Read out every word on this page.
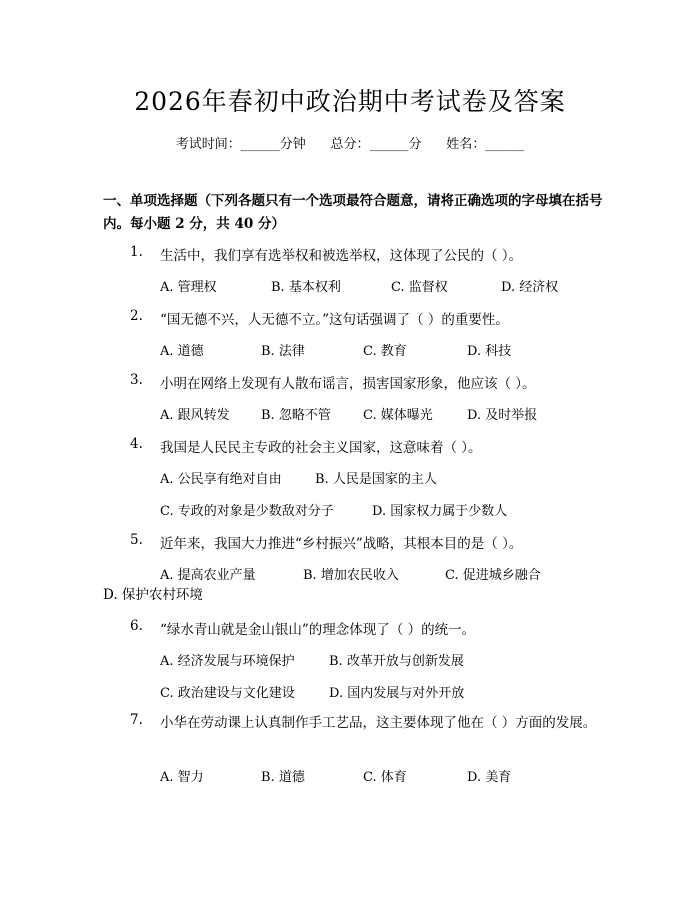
2026年春初中政治期中考试卷及答案
考试时间：______分钟      总分：______分      姓名：______
一、单项选择题（下列各题只有一个选项最符合题意，请将正确选项的字母填在括号内。每小题 2 分，共 40 分）
1. 生活中，我们享有选举权和被选举权，这体现了公民的（ ）。
A. 管理权	B. 基本权利	C. 监督权	D. 经济权
2. “国无德不兴，人无德不立。”这句话强调了（ ）的重要性。
A. 道德	B. 法律	C. 教育	D. 科技
3. 小明在网络上发现有人散布谣言，损害国家形象，他应该（ ）。
A. 跟风转发 B. 忽略不管 C. 媒体曝光	D. 及时举报
4. 我国是人民民主专政的社会主义国家，这意味着（ ）。
A. 公民享有绝对自由	B. 人民是国家的主人
C. 专政的对象是少数敌对分子	D. 国家权力属于少数人
5. 近年来，我国大力推进“乡村振兴”战略，其根本目的是（ ）。
A. 提高农业产量	B. 增加农民收入	C. 促进城乡融合
D. 保护农村环境
6. “绿水青山就是金山银山”的理念体现了（ ）的统一。
A. 经济发展与环境保护	B. 改革开放与创新发展
C. 政治建设与文化建设	D. 国内发展与对外开放
小华在劳动课上认真制作手工艺品，这主要体现了他在（ ）方面的发展。
7.
A. 智力	B. 道德	C. 体育	D. 美育
